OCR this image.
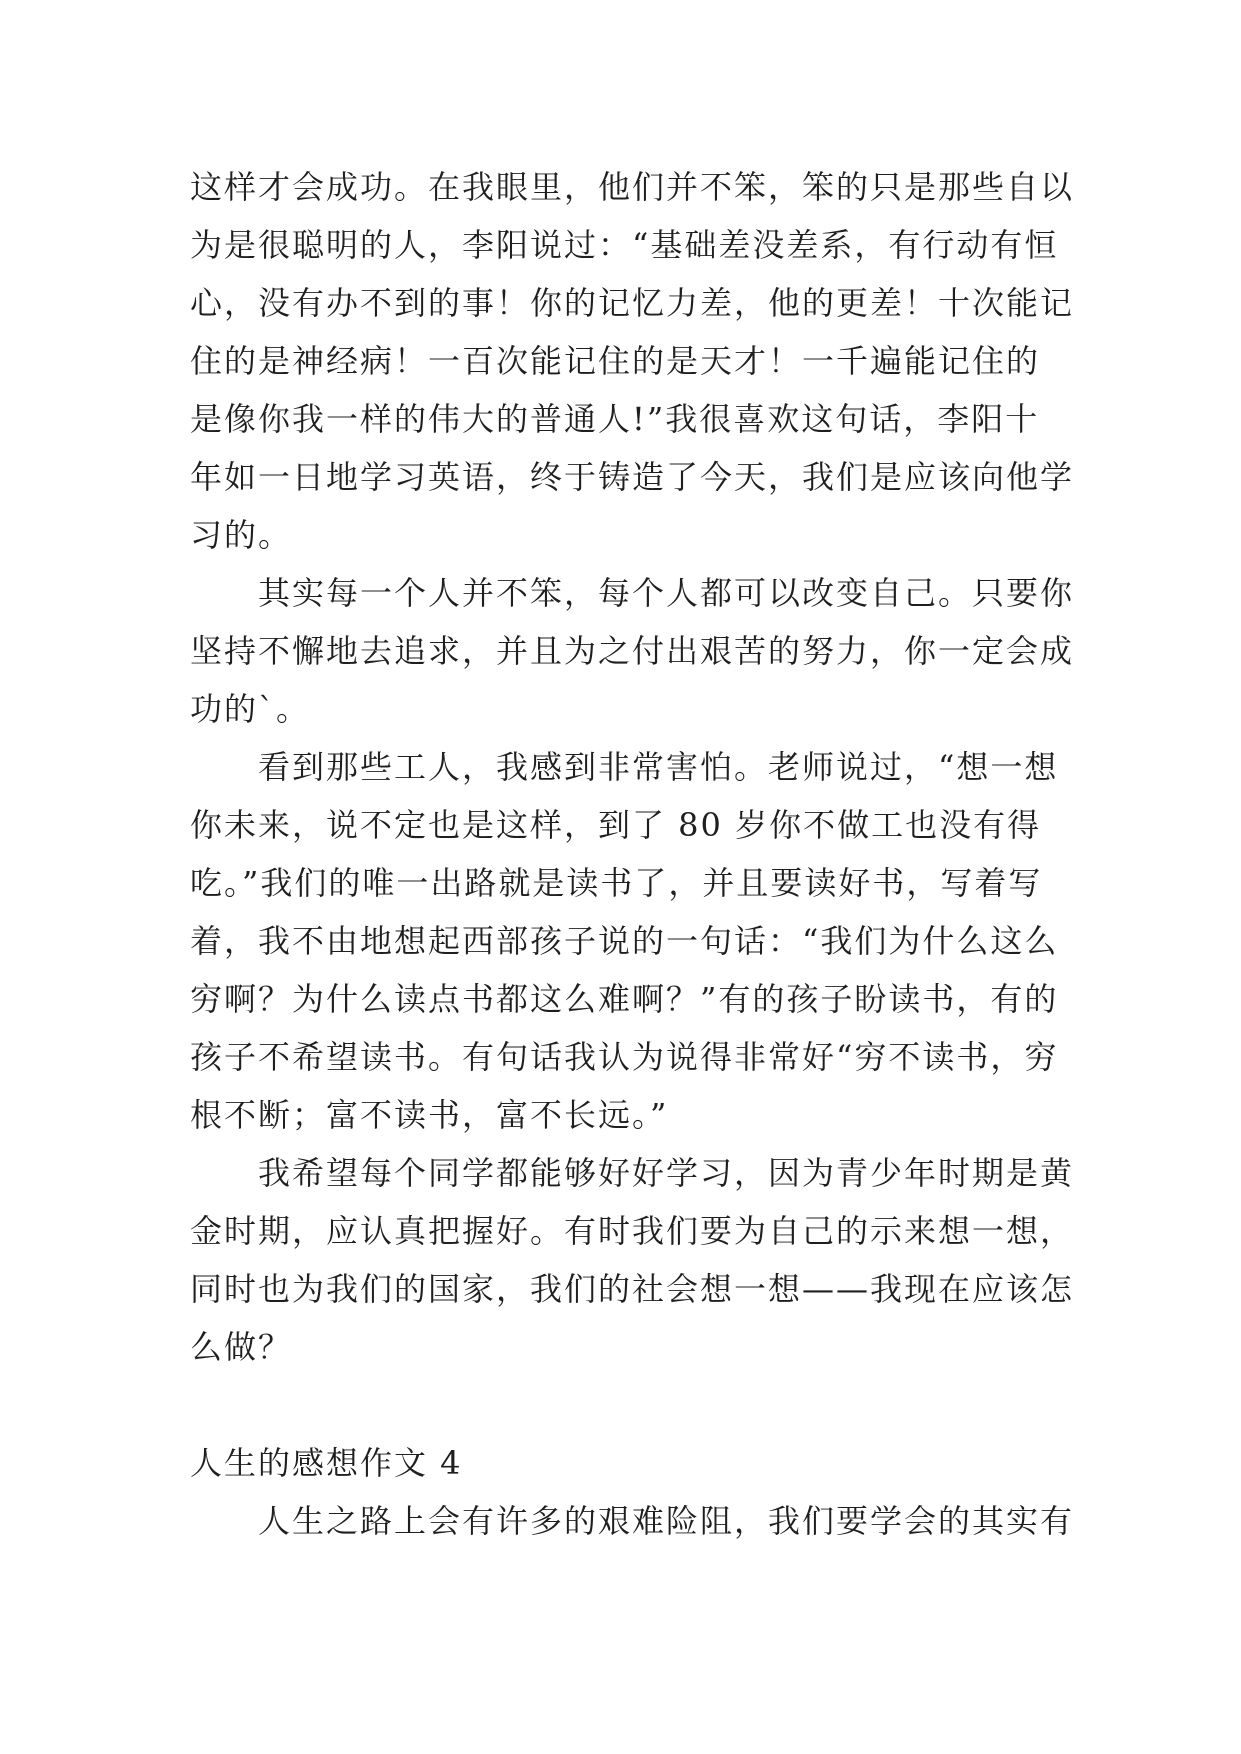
这样才会成功。在我眼里，他们并不笨，笨的只是那些自以
为是很聪明的人，李阳说过：“基础差没差系，有行动有恒
心，没有办不到的事！你的记忆力差，他的更差！十次能记
住的是神经病！一百次能记住的是天才！一千遍能记住的
是像你我一样的伟大的普通人!”我很喜欢这句话，李阳十
年如一日地学习英语，终于铸造了今天，我们是应该向他学
习的。
其实每一个人并不笨，每个人都可以改变自己。只要你
坚持不懈地去追求，并且为之付出艰苦的努力，你一定会成
功的`。
看到那些工人，我感到非常害怕。老师说过，“想一想
你未来，说不定也是这样，到了 80 岁你不做工也没有得
吃。”我们的唯一出路就是读书了，并且要读好书，写着写
着，我不由地想起西部孩子说的一句话：“我们为什么这么
穷啊？为什么读点书都这么难啊？”有的孩子盼读书，有的
孩子不希望读书。有句话我认为说得非常好“穷不读书，穷
根不断；富不读书，富不长远。”
我希望每个同学都能够好好学习，因为青少年时期是黄
金时期，应认真把握好。有时我们要为自己的示来想一想，
同时也为我们的国家，我们的社会想一想——我现在应该怎
么做？
人生的感想作文 4
人生之路上会有许多的艰难险阻，我们要学会的其实有
